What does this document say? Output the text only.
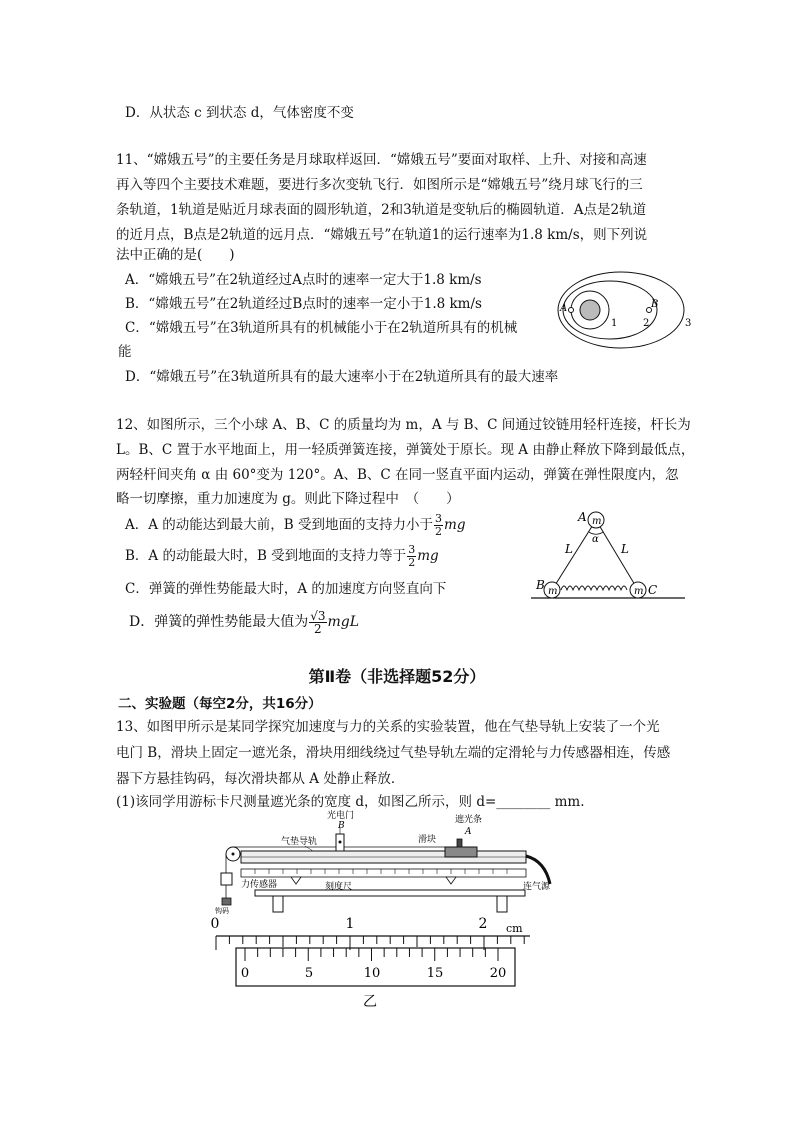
D．从状态 c 到状态 d，气体密度不变
11、“嫦娥五号”的主要任务是月球取样返回．“嫦娥五号”要面对取样、上升、对接和高速
再入等四个主要技术难题，要进行多次变轨飞行．如图所示是“嫦娥五号”绕月球飞行的三
条轨道，1轨道是贴近月球表面的圆形轨道，2和3轨道是变轨后的椭圆轨道．A点是2轨道
的近月点，B点是2轨道的远月点．“嫦娥五号”在轨道1的运行速率为1.8 km/s，则下列说
法中正确的是(　　)
A．“嫦娥五号”在2轨道经过A点时的速率一定大于1.8 km/s
B．“嫦娥五号”在2轨道经过B点时的速率一定小于1.8 km/s
C．“嫦娥五号”在3轨道所具有的机械能小于在2轨道所具有的机械
能
D．“嫦娥五号”在3轨道所具有的最大速率小于在2轨道所具有的最大速率
A	B
1	2	3
12、如图所示，三个小球 A、B、C 的质量均为 m，A 与 B、C 间通过铰链用轻杆连接，杆长为
L。B、C 置于水平地面上，用一轻质弹簧连接，弹簧处于原长。现 A 由静止释放下降到最低点，
两轻杆间夹角 α 由 60°变为 120°。A、B、C 在同一竖直平面内运动，弹簧在弹性限度内，忽
略一切摩擦，重力加速度为 g。则此下降过程中　（　　）
A．A 的动能达到最大前，B 受到地面的支持力小于 $\frac{3}{2}$ mg
B．A 的动能最大时，B 受到地面的支持力等于 $\frac{3}{2}$ mg
C．弹簧的弹性势能最大时，A 的加速度方向竖直向下
D．弹簧的弹性势能最大值为 $\frac{√3}{2}$ mgL
m
m	m
A
B	C
L	L
α
第Ⅱ卷（非选择题52分）
二、实验题（每空2分，共16分）
13、如图甲所示是某同学探究加速度与力的关系的实验装置，他在气垫导轨上安装了一个光
电门 B，滑块上固定一遮光条，滑块用细线绕过气垫导轨左端的定滑轮与力传感器相连，传感
器下方悬挂钩码，每次滑块都从 A 处静止释放．
(1)该同学用游标卡尺测量遮光条的宽度 d，如图乙所示，则 d=________ mm.
光电门
B
气垫导轨
遮光条
A
滑块
力传感器	刻度尺	连气源
钩码
0	1	2 cm
0	5	10	15	20
乙
